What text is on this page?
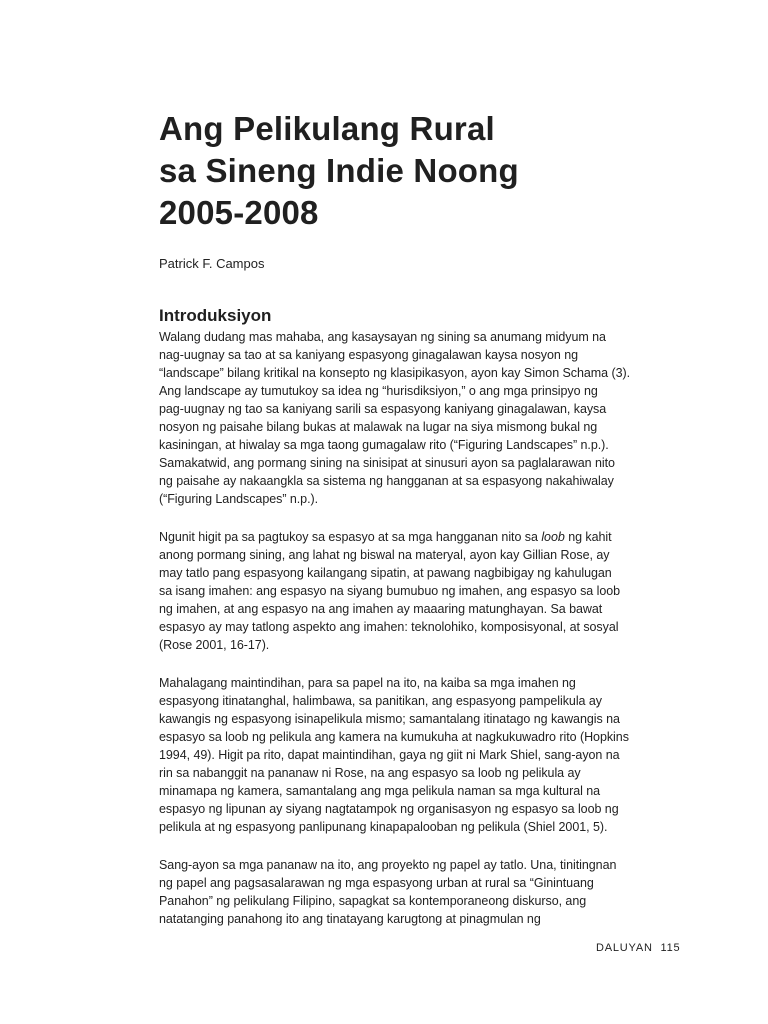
Ang Pelikulang Rural
sa Sineng Indie Noong
2005-2008

Patrick F. Campos

Introduksiyon
Walang dudang mas mahaba, ang kasaysayan ng sining sa anumang midyum na
nag-uugnay sa tao at sa kaniyang espasyong ginagalawan kaysa nosyon ng
“landscape” bilang kritikal na konsepto ng klasipikasyon, ayon kay Simon Schama (3).
Ang landscape ay tumutukoy sa idea ng “hurisdiksiyon,” o ang mga prinsipyo ng
pag-uugnay ng tao sa kaniyang sarili sa espasyong kaniyang ginagalawan, kaysa
nosyon ng paisahe bilang bukas at malawak na lugar na siya mismong bukal ng
kasiningan, at hiwalay sa mga taong gumagalaw rito (“Figuring Landscapes” n.p.).
Samakatwid, ang pormang sining na sinisipat at sinusuri ayon sa paglalarawan nito
ng paisahe ay nakaangkla sa sistema ng hangganan at sa espasyong nakahiwalay
(“Figuring Landscapes” n.p.).
Ngunit higit pa sa pagtukoy sa espasyo at sa mga hangganan nito sa loob ng kahit
anong pormang sining, ang lahat ng biswal na materyal, ayon kay Gillian Rose, ay
may tatlo pang espasyong kailangang sipatin, at pawang nagbibigay ng kahulugan
sa isang imahen: ang espasyo na siyang bumubuo ng imahen, ang espasyo sa loob
ng imahen, at ang espasyo na ang imahen ay maaaring matunghayan. Sa bawat
espasyo ay may tatlong aspekto ang imahen: teknolohiko, komposisyonal, at sosyal
(Rose 2001, 16-17).
Mahalagang maintindihan, para sa papel na ito, na kaiba sa mga imahen ng
espasyong itinatanghal, halimbawa, sa panitikan, ang espasyong pampelikula ay
kawangis ng espasyong isinapelikula mismo; samantalang itinatago ng kawangis na
espasyo sa loob ng pelikula ang kamera na kumukuha at nagkukuwadro rito (Hopkins
1994, 49). Higit pa rito, dapat maintindihan, gaya ng giit ni Mark Shiel, sang-ayon na
rin sa nabanggit na pananaw ni Rose, na ang espasyo sa loob ng pelikula ay
minamapa ng kamera, samantalang ang mga pelikula naman sa mga kultural na
espasyo ng lipunan ay siyang nagtatampok ng organisasyon ng espasyo sa loob ng
pelikula at ng espasyong panlipunang kinapapalooban ng pelikula (Shiel 2001, 5).
Sang-ayon sa mga pananaw na ito, ang proyekto ng papel ay tatlo. Una, tinitingnan
ng papel ang pagsasalarawan ng mga espasyong urban at rural sa “Ginintuang
Panahon” ng pelikulang Filipino, sapagkat sa kontemporaneong diskurso, ang
natatanging panahong ito ang tinatayang karugtong at pinagmulan ng

DALUYAN 115
